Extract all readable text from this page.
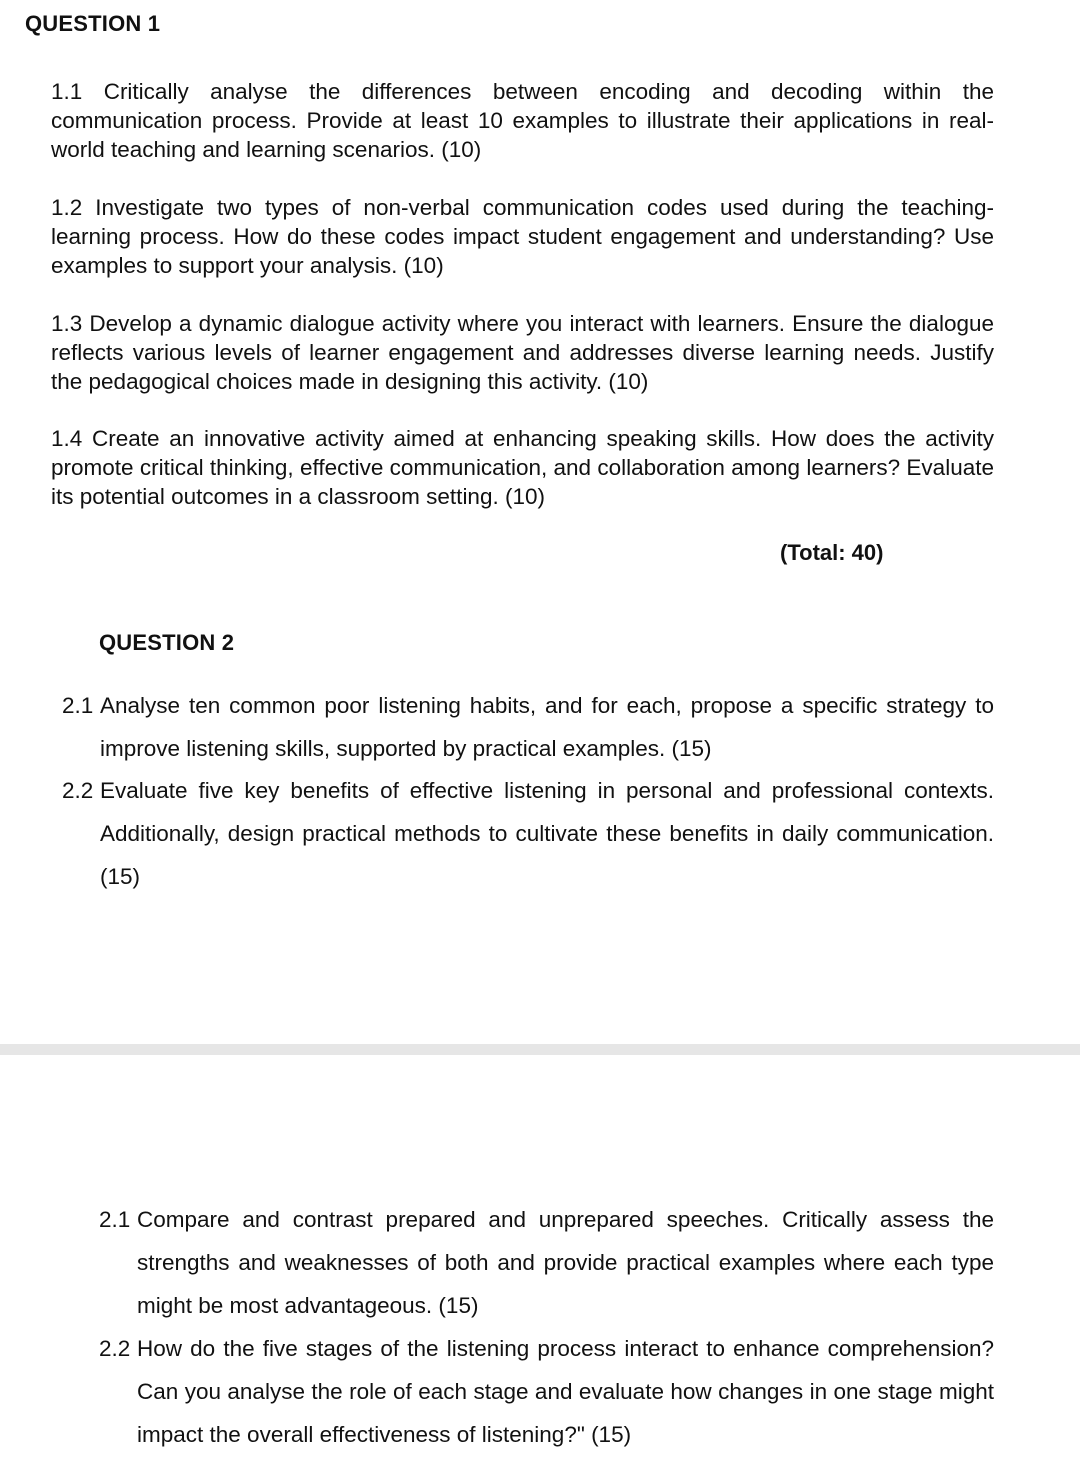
QUESTION 1

1.1 Critically analyse the differences between encoding and decoding within the communication process. Provide at least 10 examples to illustrate their applications in real-world teaching and learning scenarios. (10)

1.2 Investigate two types of non-verbal communication codes used during the teaching-learning process. How do these codes impact student engagement and understanding? Use examples to support your analysis. (10)

1.3 Develop a dynamic dialogue activity where you interact with learners. Ensure the dialogue reflects various levels of learner engagement and addresses diverse learning needs. Justify the pedagogical choices made in designing this activity. (10)

1.4 Create an innovative activity aimed at enhancing speaking skills. How does the activity promote critical thinking, effective communication, and collaboration among learners? Evaluate its potential outcomes in a classroom setting. (10)

(Total: 40)
QUESTION 2
2.1 Analyse ten common poor listening habits, and for each, propose a specific strategy to improve listening skills, supported by practical examples. (15)
2.2 Evaluate five key benefits of effective listening in personal and professional contexts. Additionally, design practical methods to cultivate these benefits in daily communication. (15)
2.1 Compare and contrast prepared and unprepared speeches. Critically assess the strengths and weaknesses of both and provide practical examples where each type might be most advantageous. (15)
2.2 How do the five stages of the listening process interact to enhance comprehension? Can you analyse the role of each stage and evaluate how changes in one stage might impact the overall effectiveness of listening?" (15)
